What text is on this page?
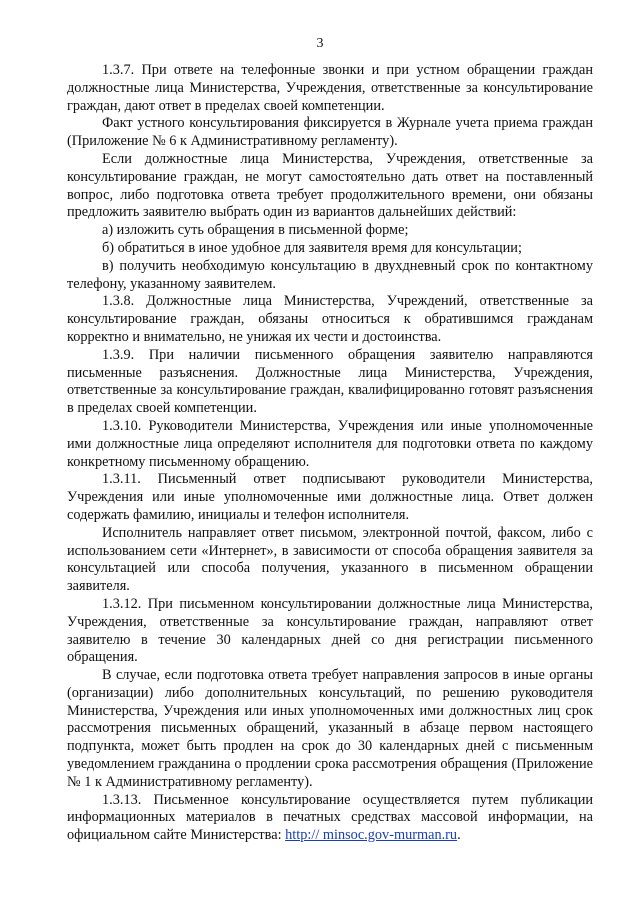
3

1.3.7. При ответе на телефонные звонки и при устном обращении граждан должностные лица Министерства, Учреждения, ответственные за консультирование граждан, дают ответ в пределах своей компетенции.

Факт устного консультирования фиксируется в Журнале учета приема граждан (Приложение № 6 к Административному регламенту).

Если должностные лица Министерства, Учреждения, ответственные за консультирование граждан, не могут самостоятельно дать ответ на поставленный вопрос, либо подготовка ответа требует продолжительного времени, они обязаны предложить заявителю выбрать один из вариантов дальнейших действий:

а) изложить суть обращения в письменной форме;

б) обратиться в иное удобное для заявителя время для консультации;

в) получить необходимую консультацию в двухдневный срок по контактному телефону, указанному заявителем.

1.3.8. Должностные лица Министерства, Учреждений, ответственные за консультирование граждан, обязаны относиться к обратившимся гражданам корректно и внимательно, не унижая их чести и достоинства.

1.3.9. При наличии письменного обращения заявителю направляются письменные разъяснения. Должностные лица Министерства, Учреждения, ответственные за консультирование граждан, квалифицированно готовят разъяснения в пределах своей компетенции.

1.3.10. Руководители Министерства, Учреждения или иные уполномоченные ими должностные лица определяют исполнителя для подготовки ответа по каждому конкретному письменному обращению.

1.3.11. Письменный ответ подписывают руководители Министерства, Учреждения или иные уполномоченные ими должностные лица. Ответ должен содержать фамилию, инициалы и телефон исполнителя.

Исполнитель направляет ответ письмом, электронной почтой, факсом, либо с использованием сети «Интернет», в зависимости от способа обращения заявителя за консультацией или способа получения, указанного в письменном обращении заявителя.

1.3.12. При письменном консультировании должностные лица Министерства, Учреждения, ответственные за консультирование граждан, направляют ответ заявителю в течение 30 календарных дней со дня регистрации письменного обращения.

В случае, если подготовка ответа требует направления запросов в иные органы (организации) либо дополнительных консультаций, по решению руководителя Министерства, Учреждения или иных уполномоченных ими должностных лиц срок рассмотрения письменных обращений, указанный в абзаце первом настоящего подпункта, может быть продлен на срок до 30 календарных дней с письменным уведомлением гражданина о продлении срока рассмотрения обращения (Приложение № 1 к Административному регламенту).

1.3.13. Письменное консультирование осуществляется путем публикации информационных материалов в печатных средствах массовой информации, на официальном сайте Министерства: http:// minsoc.gov-murman.ru.
